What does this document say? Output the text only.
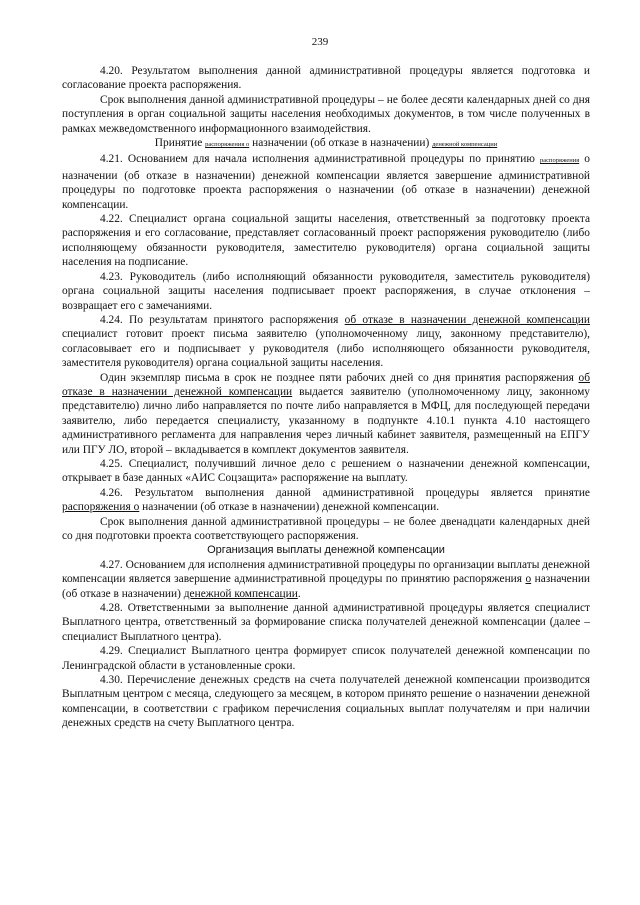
239

4.20. Результатом выполнения данной административной процедуры является подготовка и согласование проекта распоряжения.

Срок выполнения данной административной процедуры – не более десяти календарных дней со дня поступления в орган социальной защиты населения необходимых документов, в том числе полученных в рамках межведомственного информационного взаимодействия.

Принятие распоряжения о назначении (об отказе в назначении) денежной компенсации

4.21. Основанием для начала исполнения административной процедуры по принятию распоряжения о назначении (об отказе в назначении) денежной компенсации является завершение административной процедуры по подготовке проекта распоряжения о назначении (об отказе в назначении) денежной компенсации.

4.22. Специалист органа социальной защиты населения, ответственный за подготовку проекта распоряжения и его согласование, представляет согласованный проект распоряжения руководителю (либо исполняющему обязанности руководителя, заместителю руководителя) органа социальной защиты населения на подписание.

4.23. Руководитель (либо исполняющий обязанности руководителя, заместитель руководителя) органа социальной защиты населения подписывает проект распоряжения, в случае отклонения – возвращает его с замечаниями.

4.24. По результатам принятого распоряжения об отказе в назначении денежной компенсации специалист готовит проект письма заявителю (уполномоченному лицу, законному представителю), согласовывает его и подписывает у руководителя (либо исполняющего обязанности руководителя, заместителя руководителя) органа социальной защиты населения.

Один экземпляр письма в срок не позднее пяти рабочих дней со дня принятия распоряжения об отказе в назначении денежной компенсации выдается заявителю (уполномоченному лицу, законному представителю) лично либо направляется по почте либо направляется в МФЦ, для последующей передачи заявителю, либо передается специалисту, указанному в подпункте 4.10.1 пункта 4.10 настоящего административного регламента для направления через личный кабинет заявителя, размещенный на ЕПГУ или ПГУ ЛО, второй – вкладывается в комплект документов заявителя.

4.25. Специалист, получивший личное дело с решением о назначении денежной компенсации, открывает в базе данных «АИС Соцзащита» распоряжение на выплату.

4.26. Результатом выполнения данной административной процедуры является принятие распоряжения о назначении (об отказе в назначении) денежной компенсации.

Срок выполнения данной административной процедуры – не более двенадцати календарных дней со дня подготовки проекта соответствующего распоряжения.

Организация выплаты денежной компенсации

4.27. Основанием для исполнения административной процедуры по организации выплаты денежной компенсации является завершение административной процедуры по принятию распоряжения о назначении (об отказе в назначении) денежной компенсации.

4.28. Ответственными за выполнение данной административной процедуры является специалист Выплатного центра, ответственный за формирование списка получателей денежной компенсации (далее – специалист Выплатного центра).

4.29. Специалист Выплатного центра формирует список получателей денежной компенсации по Ленинградской области в установленные сроки.

4.30. Перечисление денежных средств на счета получателей денежной компенсации производится Выплатным центром с месяца, следующего за месяцем, в котором принято решение о назначении денежной компенсации, в соответствии с графиком перечисления социальных выплат получателям и при наличии денежных средств на счету Выплатного центра.
